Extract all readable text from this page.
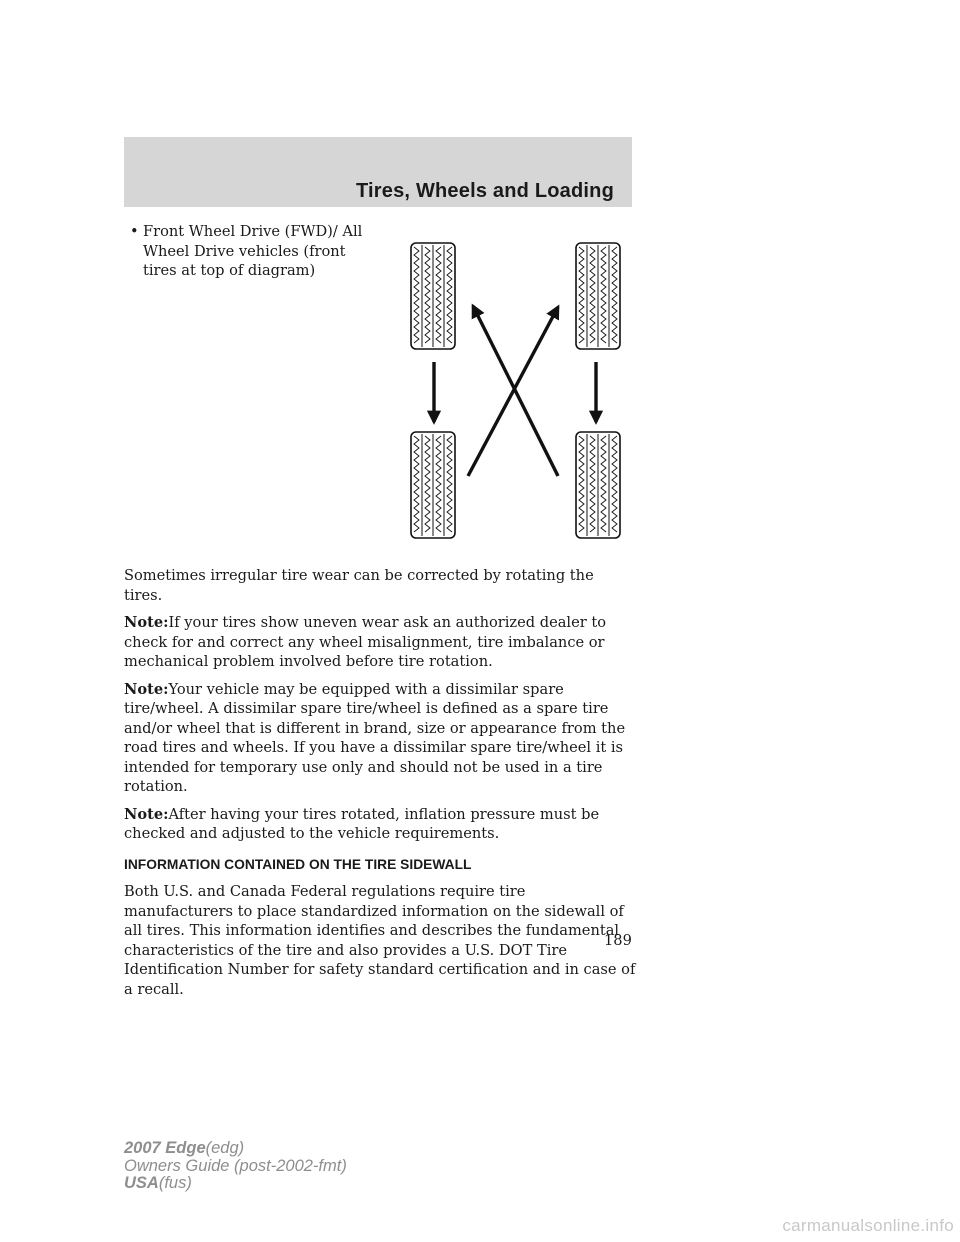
Tires, Wheels and Loading
• Front Wheel Drive (FWD)/ All Wheel Drive vehicles (front tires at top of diagram)

Sometimes irregular tire wear can be corrected by rotating the tires.

Note:If your tires show uneven wear ask an authorized dealer to check for and correct any wheel misalignment, tire imbalance or mechanical problem involved before tire rotation.

Note:Your vehicle may be equipped with a dissimilar spare tire/wheel. A dissimilar spare tire/wheel is defined as a spare tire and/or wheel that is different in brand, size or appearance from the road tires and wheels. If you have a dissimilar spare tire/wheel it is intended for temporary use only and should not be used in a tire rotation.

Note:After having your tires rotated, inflation pressure must be checked and adjusted to the vehicle requirements.

INFORMATION CONTAINED ON THE TIRE SIDEWALL

Both U.S. and Canada Federal regulations require tire manufacturers to place standardized information on the sidewall of all tires. This information identifies and describes the fundamental characteristics of the tire and also provides a U.S. DOT Tire Identification Number for safety standard certification and in case of a recall.

189
2007 Edge(edg)
Owners Guide (post-2002-fmt)
USA(fus)
carmanualsonline.info
